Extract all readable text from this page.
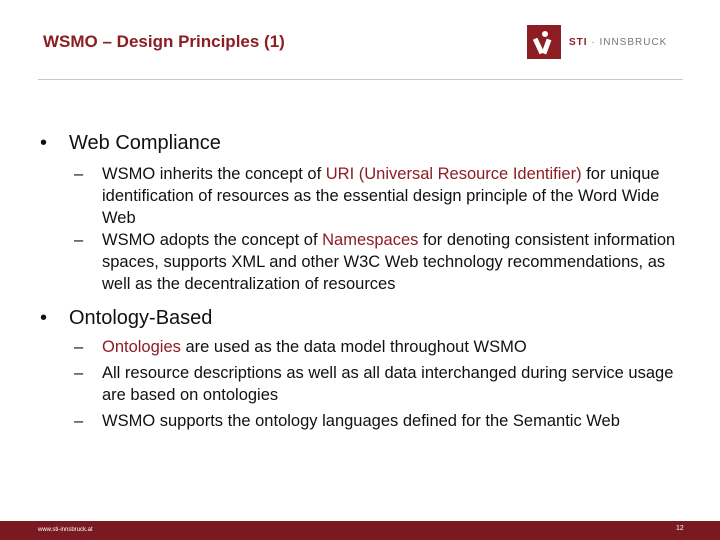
WSMO – Design Principles (1)	STI · INNSBRUCK
• Web Compliance
– WSMO inherits the concept of URI (Universal Resource Identifier) for unique identification of resources as the essential design principle of the Word Wide Web
– WSMO adopts the concept of Namespaces for denoting consistent information spaces, supports XML and other W3C Web technology recommendations, as well as the decentralization of resources
• Ontology-Based
– Ontologies are used as the data model throughout WSMO
– All resource descriptions as well as all data interchanged during service usage are based on ontologies
– WSMO supports the ontology languages defined for the Semantic Web
www.sti-innsbruck.at	12
